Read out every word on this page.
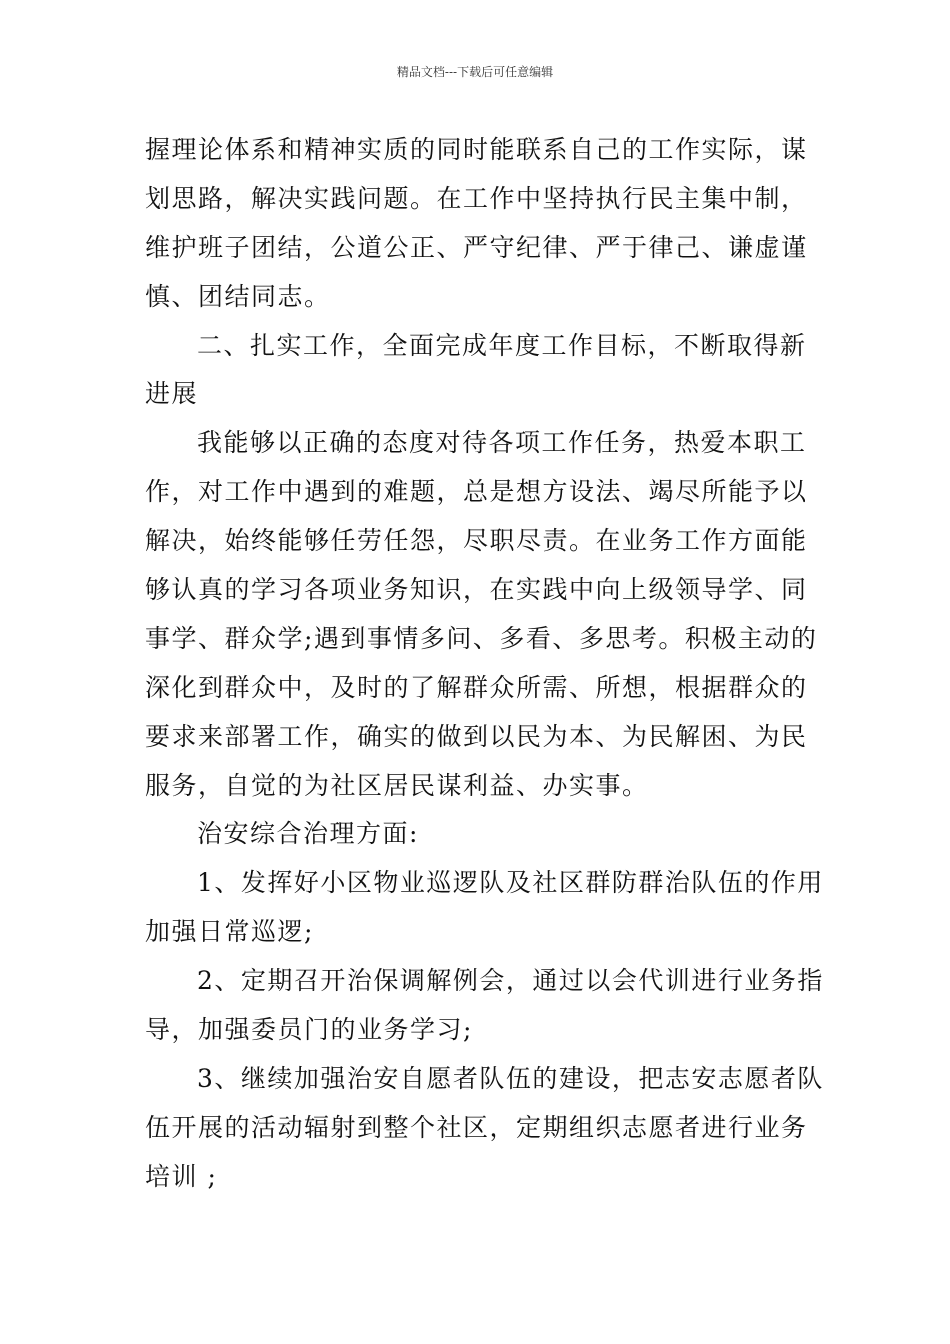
精品文档---下载后可任意编辑
握理论体系和精神实质的同时能联系自己的工作实际，谋
划思路，解决实践问题。在工作中坚持执行民主集中制，
维护班子团结，公道公正、严守纪律、严于律己、谦虚谨
慎、团结同志。
二、扎实工作，全面完成年度工作目标，不断取得新
进展
我能够以正确的态度对待各项工作任务，热爱本职工
作，对工作中遇到的难题，总是想方设法、竭尽所能予以
解决，始终能够任劳任怨，尽职尽责。在业务工作方面能
够认真的学习各项业务知识，在实践中向上级领导学、同
事学、群众学;遇到事情多问、多看、多思考。积极主动的
深化到群众中，及时的了解群众所需、所想，根据群众的
要求来部署工作，确实的做到以民为本、为民解困、为民
服务，自觉的为社区居民谋利益、办实事。
治安综合治理方面:
1、发挥好小区物业巡逻队及社区群防群治队伍的作用
加强日常巡逻;
2、定期召开治保调解例会，通过以会代训进行业务指
导，加强委员门的业务学习;
3、继续加强治安自愿者队伍的建设，把志安志愿者队
伍开展的活动辐射到整个社区，定期组织志愿者进行业务
培训 ;
